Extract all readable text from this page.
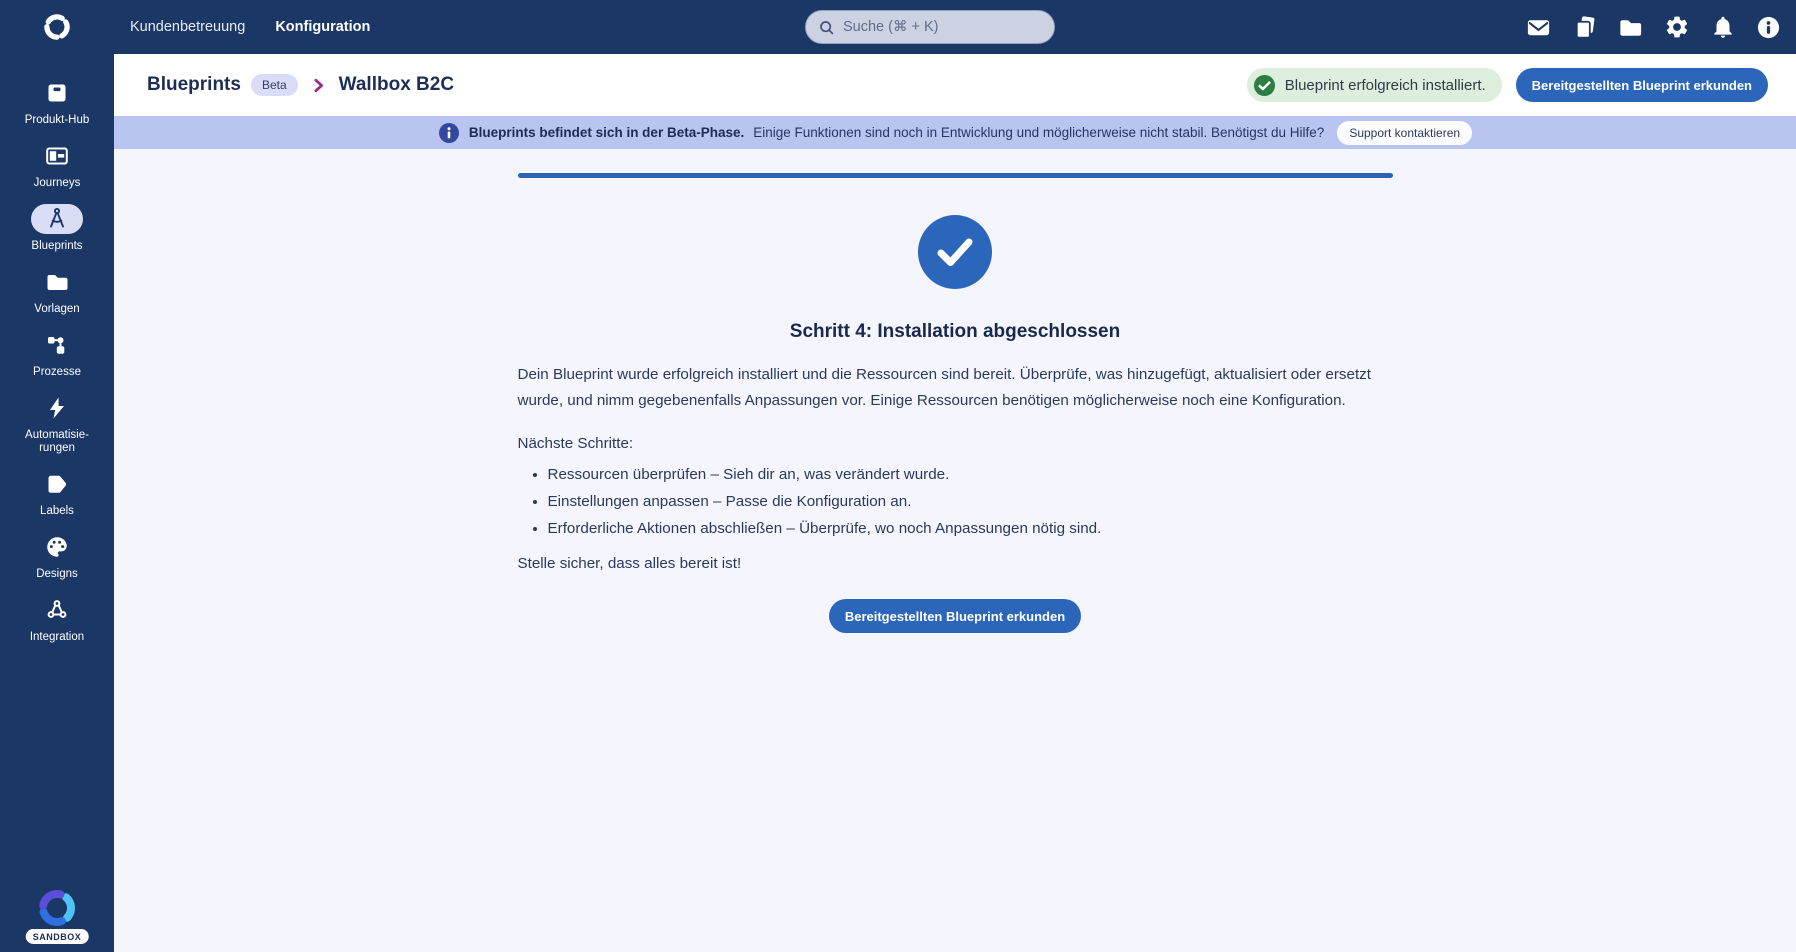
Kundenbetreuung Konfiguration
Suche (⌘ + K)
Produkt-Hub
Journeys
Blueprints
Vorlagen
Prozesse
Automatisie-rungen
Labels
Designs
Integration
SANDBOX
Blueprints	Beta	Wallbox B2C	Blueprint erfolgreich installiert.	Bereitgestellten Blueprint erkunden
Blueprints befindet sich in der Beta-Phase. Einige Funktionen sind noch in Entwicklung und möglicherweise nicht stabil. Benötigst du Hilfe?	Support kontaktieren
Schritt 4: Installation abgeschlossen

Dein Blueprint wurde erfolgreich installiert und die Ressourcen sind bereit. Überprüfe, was hinzugefügt, aktualisiert oder ersetzt wurde, und nimm gegebenenfalls Anpassungen vor. Einige Ressourcen benötigen möglicherweise noch eine Konfiguration.

Nächste Schritte:
• Ressourcen überprüfen – Sieh dir an, was verändert wurde.
• Einstellungen anpassen – Passe die Konfiguration an.
• Erforderliche Aktionen abschließen – Überprüfe, wo noch Anpassungen nötig sind.
Stelle sicher, dass alles bereit ist!
Bereitgestellten Blueprint erkunden
